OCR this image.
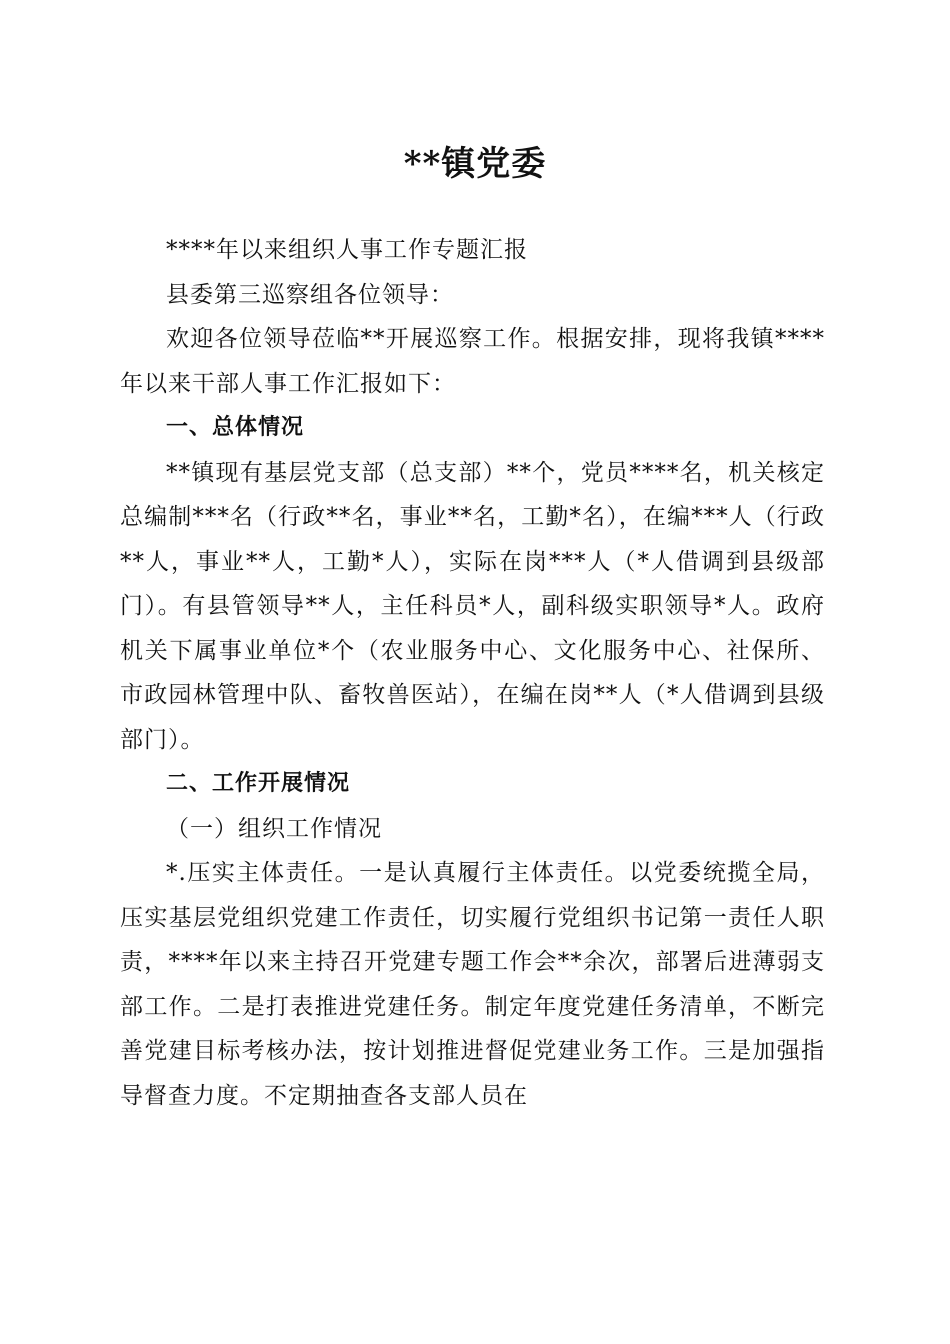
**镇党委

****年以来组织人事工作专题汇报

县委第三巡察组各位领导：

欢迎各位领导莅临**开展巡察工作。根据安排，现将我镇****年以来干部人事工作汇报如下：

一、总体情况

**镇现有基层党支部（总支部）**个，党员****名，机关核定总编制***名（行政**名，事业**名，工勤*名），在编***人（行政**人，事业**人，工勤*人），实际在岗***人（*人借调到县级部门）。有县管领导**人，主任科员*人，副科级实职领导*人。政府机关下属事业单位*个（农业服务中心、文化服务中心、社保所、市政园林管理中队、畜牧兽医站），在编在岗**人（*人借调到县级部门）。

二、工作开展情况

（一）组织工作情况

*.压实主体责任。一是认真履行主体责任。以党委统揽全局，压实基层党组织党建工作责任，切实履行党组织书记第一责任人职责，****年以来主持召开党建专题工作会**余次，部署后进薄弱支部工作。二是打表推进党建任务。制定年度党建任务清单，不断完善党建目标考核办法，按计划推进督促党建业务工作。三是加强指导督查力度。不定期抽查各支部人员在
